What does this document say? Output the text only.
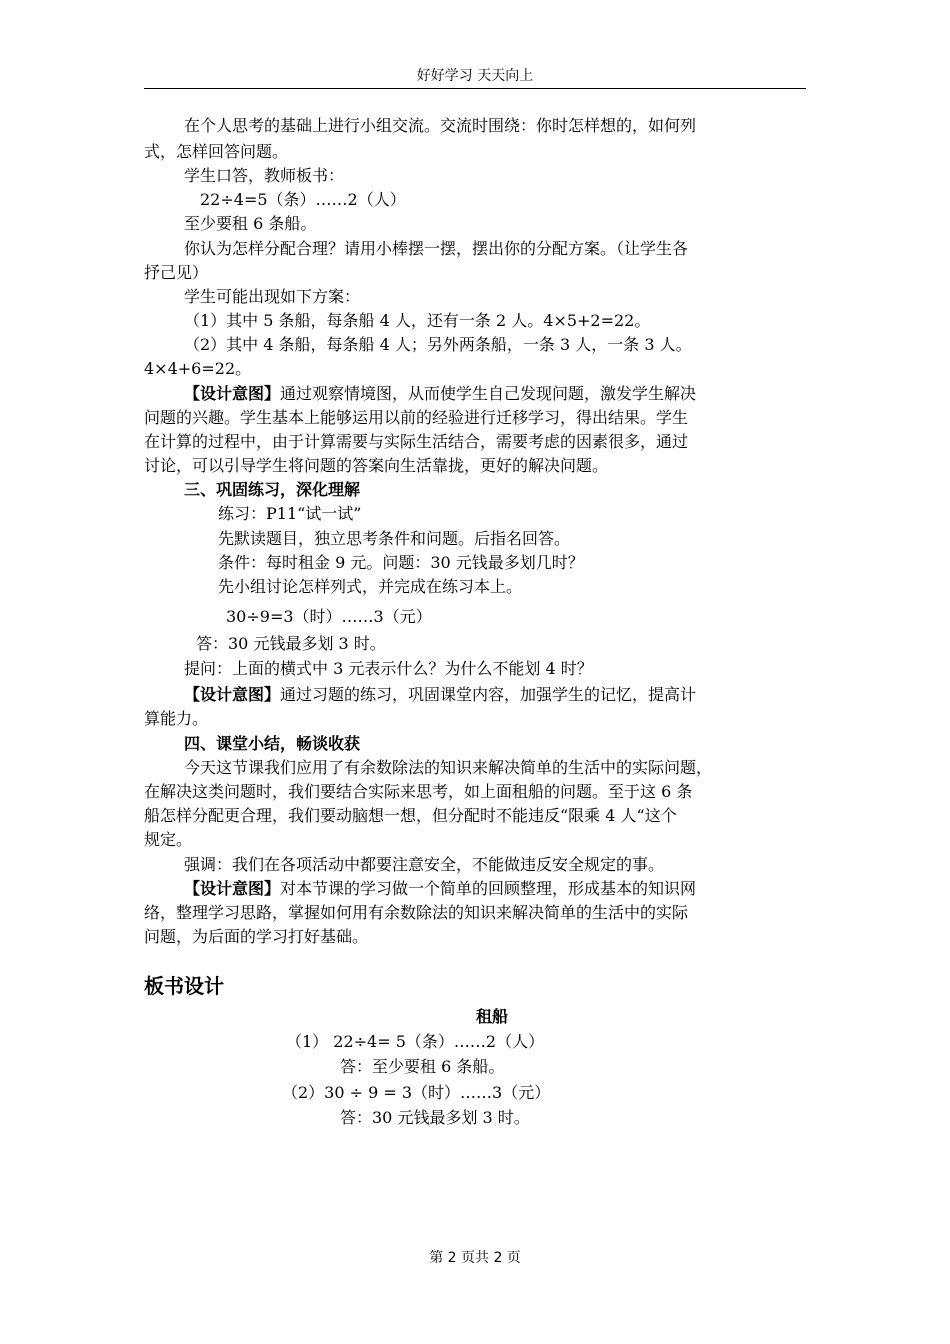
好好学习 天天向上
在个人思考的基础上进行小组交流。交流时围绕：你时怎样想的，如何列
式，怎样回答问题。
学生口答，教师板书：
22÷4=5（条）……2（人）
至少要租 6 条船。
你认为怎样分配合理？请用小棒摆一摆，摆出你的分配方案。（让学生各
抒己见）
学生可能出现如下方案：
（1）其中 5 条船，每条船 4 人，还有一条 2 人。4×5+2=22。
（2）其中 4 条船，每条船 4 人；另外两条船，一条 3 人，一条 3 人。
4×4+6=22。
【设计意图】通过观察情境图，从而使学生自己发现问题，激发学生解决
问题的兴趣。学生基本上能够运用以前的经验进行迁移学习，得出结果。学生
在计算的过程中，由于计算需要与实际生活结合，需要考虑的因素很多，通过
讨论，可以引导学生将问题的答案向生活靠拢，更好的解决问题。
三、巩固练习，深化理解
练习：P11“试一试”
先默读题目，独立思考条件和问题。后指名回答。
条件：每时租金 9 元。问题：30 元钱最多划几时？
先小组讨论怎样列式，并完成在练习本上。
30÷9=3（时）……3（元）
答：30 元钱最多划 3 时。
提问：上面的横式中 3 元表示什么？为什么不能划 4 时？
【设计意图】通过习题的练习，巩固课堂内容，加强学生的记忆，提高计
算能力。
四、课堂小结，畅谈收获
今天这节课我们应用了有余数除法的知识来解决简单的生活中的实际问题，
在解决这类问题时，我们要结合实际来思考，如上面租船的问题。至于这 6 条
船怎样分配更合理，我们要动脑想一想，但分配时不能违反“限乘 4 人“这个
规定。
强调：我们在各项活动中都要注意安全，不能做违反安全规定的事。
【设计意图】对本节课的学习做一个简单的回顾整理，形成基本的知识网
络，整理学习思路，掌握如何用有余数除法的知识来解决简单的生活中的实际
问题，为后面的学习打好基础。
板书设计
租船
（1） 22÷4= 5（条）……2（人）
答：至少要租 6 条船。
（2）30 ÷ 9 = 3（时）……3（元）
答：30 元钱最多划 3 时。
第 2 页共 2 页
